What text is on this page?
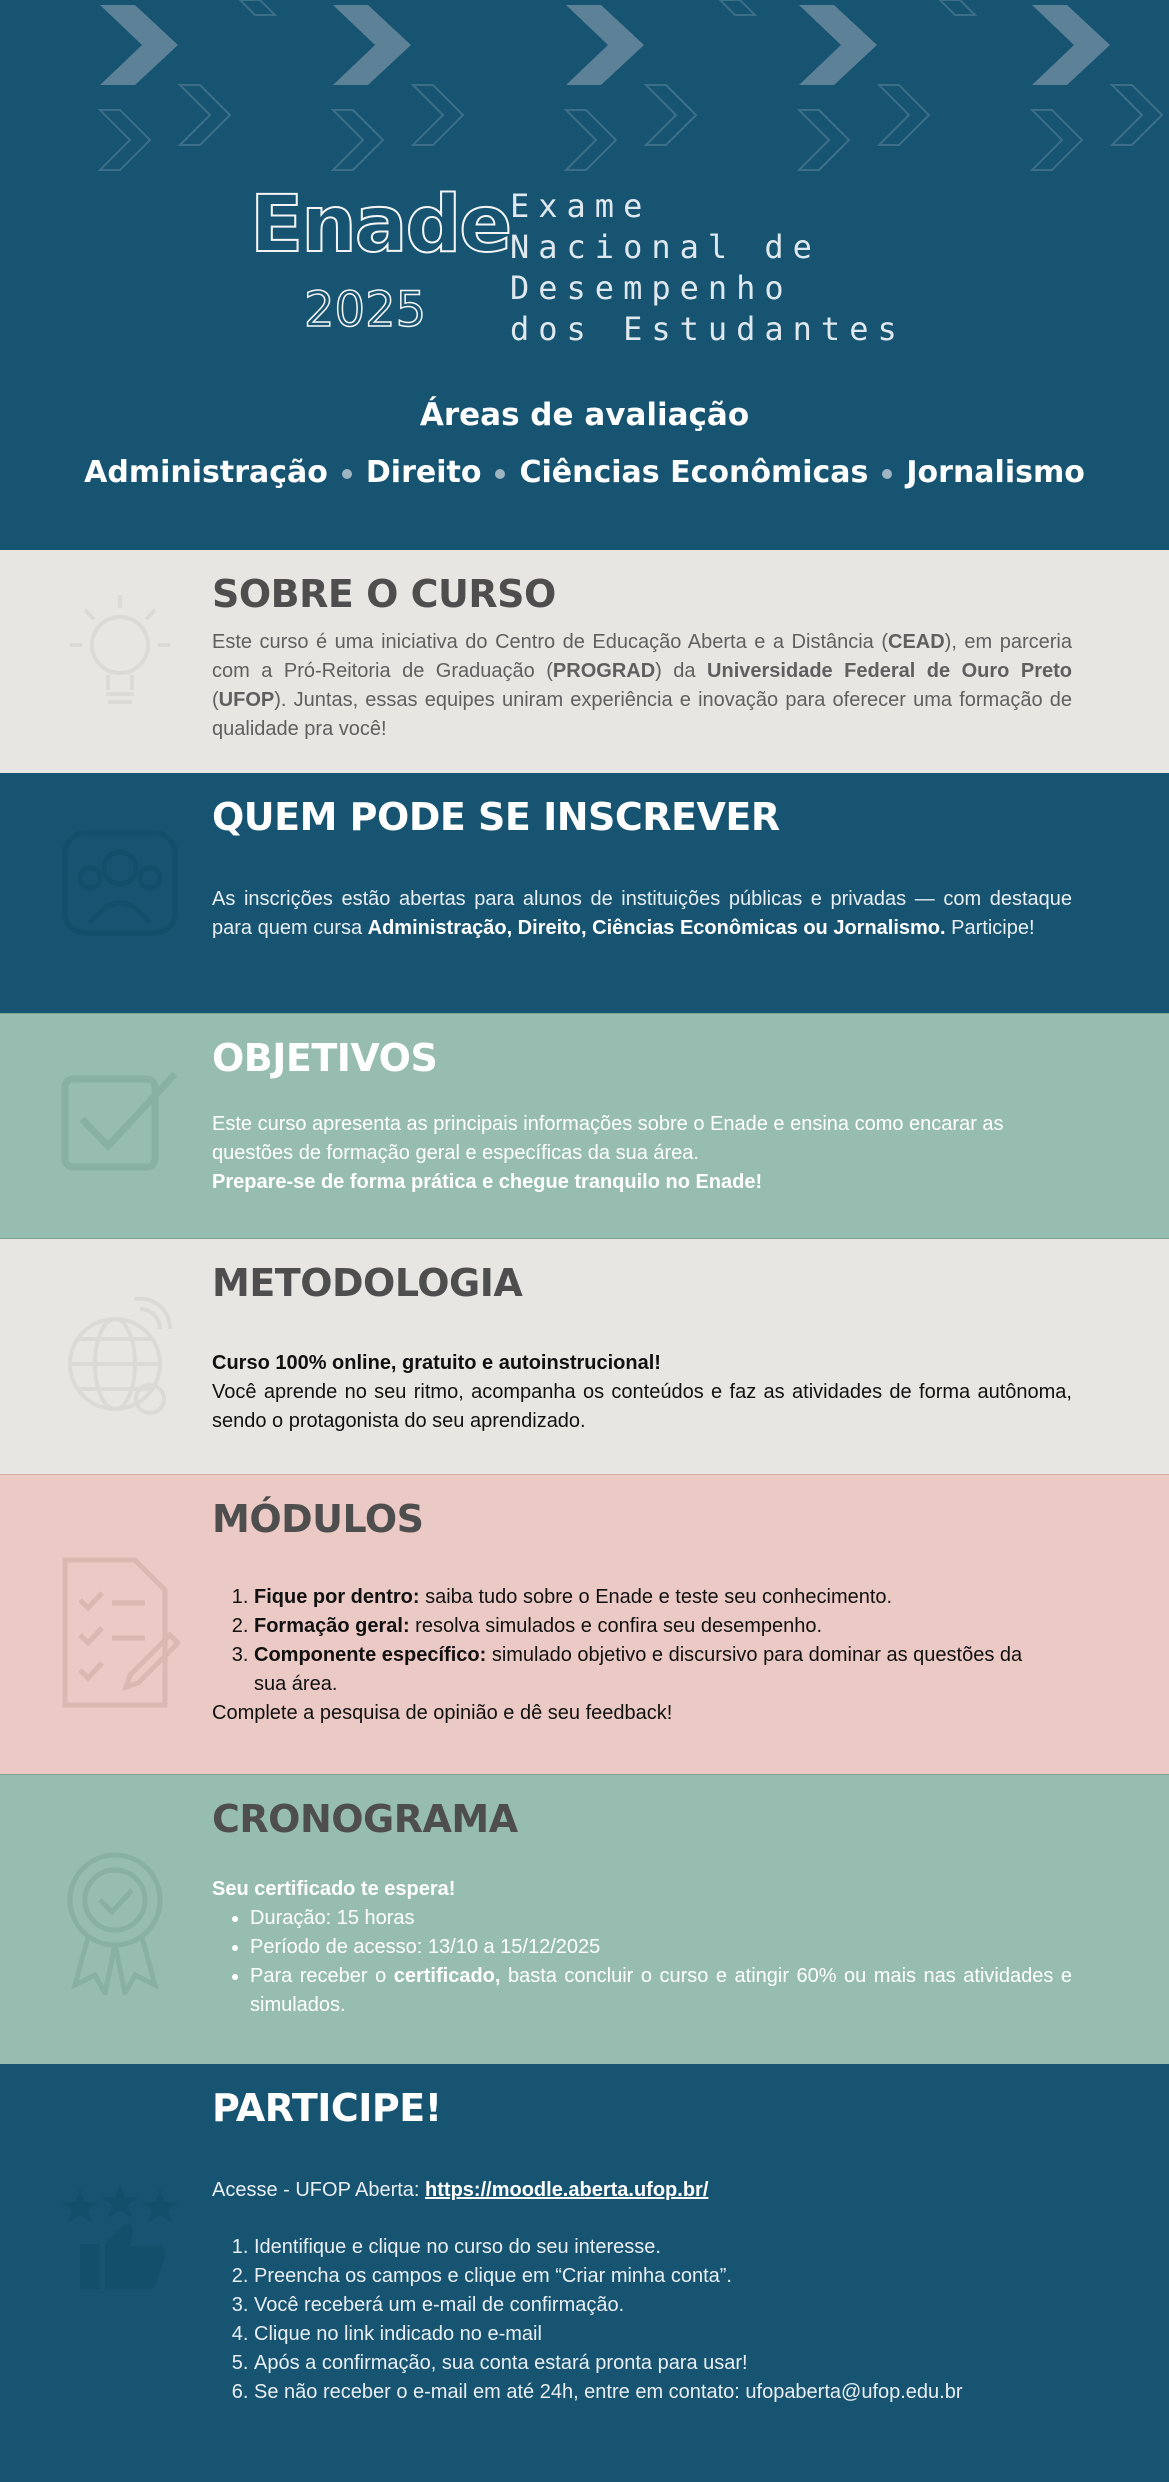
Enade
2025
Exame
Nacional de
Desempenho
dos Estudantes
Áreas de avaliação
Administração Direito Ciências Econômicas Jornalismo
SOBRE O CURSO

Este curso é uma iniciativa do Centro de Educação Aberta e a Distância (CEAD), em parceria com a Pró-Reitoria de Graduação (PROGRAD) da Universidade Federal de Ouro Preto (UFOP). Juntas, essas equipes uniram experiência e inovação para oferecer uma formação de qualidade pra você!

QUEM PODE SE INSCREVER

As inscrições estão abertas para alunos de instituições públicas e privadas — com destaque para quem cursa Administração, Direito, Ciências Econômicas ou Jornalismo. Participe!

OBJETIVOS

Este curso apresenta as principais informações sobre o Enade e ensina como encarar as questões de formação geral e específicas da sua área.

Prepare-se de forma prática e chegue tranquilo no Enade!

METODOLOGIA

Curso 100% online, gratuito e autoinstrucional!

Você aprende no seu ritmo, acompanha os conteúdos e faz as atividades de forma autônoma, sendo o protagonista do seu aprendizado.

MÓDULOS
1. Fique por dentro: saiba tudo sobre o Enade e teste seu conhecimento.
2. Formação geral: resolva simulados e confira seu desempenho.
3. Componente específico: simulado objetivo e discursivo para dominar as questões da sua área.

Complete a pesquisa de opinião e dê seu feedback!

CRONOGRAMA

Seu certificado te espera!

• Duração: 15 horas
• Período de acesso: 13/10 a 15/12/2025
• Para receber o certificado, basta concluir o curso e atingir 60% ou mais nas atividades e simulados.
PARTICIPE!

Acesse - UFOP Aberta: https://moodle.aberta.ufop.br/

1. Identifique e clique no curso do seu interesse.
2. Preencha os campos e clique em “Criar minha conta”.
3. Você receberá um e-mail de confirmação.
4. Clique no link indicado no e-mail
5. Após a confirmação, sua conta estará pronta para usar!
6. Se não receber o e-mail em até 24h, entre em contato: ufopaberta@ufop.edu.br
